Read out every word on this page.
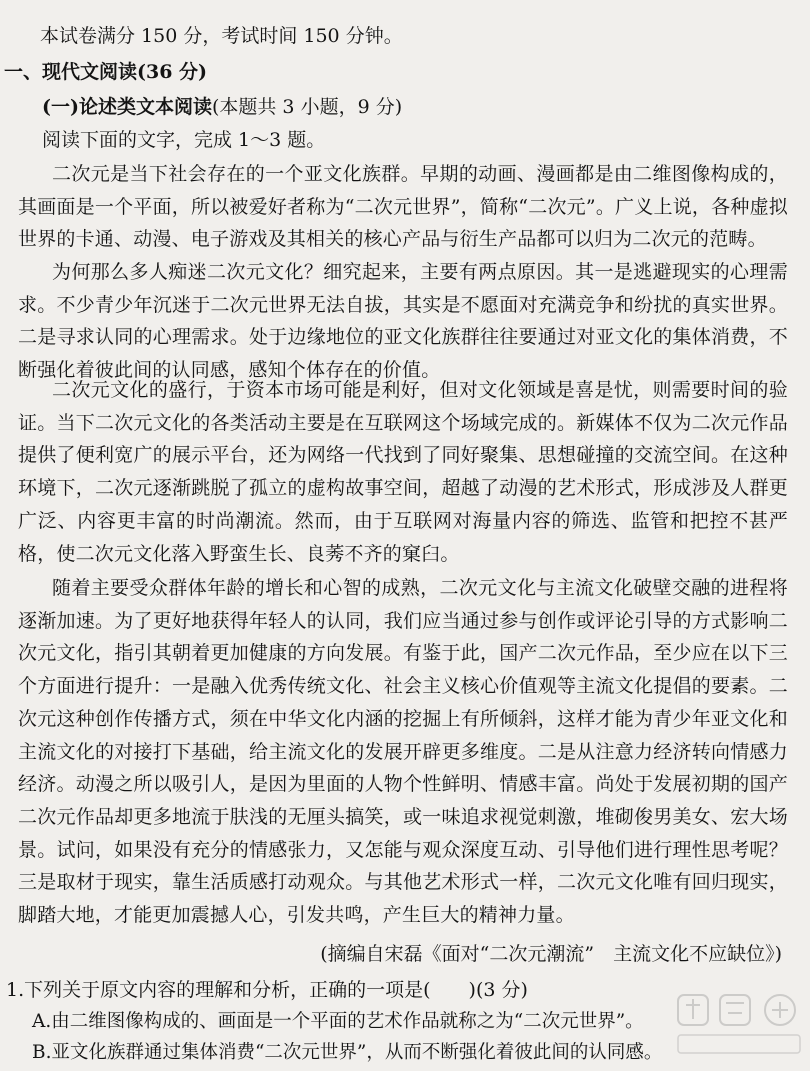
本试卷满分 150 分，考试时间 150 分钟。
一、现代文阅读(36 分)
(一)论述类文本阅读(本题共 3 小题，9 分)
阅读下面的文字，完成 1～3 题。
二次元是当下社会存在的一个亚文化族群。早期的动画、漫画都是由二维图像构成的，其画面是一个平面，所以被爱好者称为“二次元世界”，简称“二次元”。广义上说，各种虚拟世界的卡通、动漫、电子游戏及其相关的核心产品与衍生产品都可以归为二次元的范畴。
为何那么多人痴迷二次元文化？细究起来，主要有两点原因。其一是逃避现实的心理需求。不少青少年沉迷于二次元世界无法自拔，其实是不愿面对充满竞争和纷扰的真实世界。二是寻求认同的心理需求。处于边缘地位的亚文化族群往往要通过对亚文化的集体消费，不断强化着彼此间的认同感，感知个体存在的价值。
二次元文化的盛行，于资本市场可能是利好，但对文化领域是喜是忧，则需要时间的验证。当下二次元文化的各类活动主要是在互联网这个场域完成的。新媒体不仅为二次元作品提供了便利宽广的展示平台，还为网络一代找到了同好聚集、思想碰撞的交流空间。在这种环境下，二次元逐渐跳脱了孤立的虚构故事空间，超越了动漫的艺术形式，形成涉及人群更广泛、内容更丰富的时尚潮流。然而，由于互联网对海量内容的筛选、监管和把控不甚严格，使二次元文化落入野蛮生长、良莠不齐的窠臼。
随着主要受众群体年龄的增长和心智的成熟，二次元文化与主流文化破壁交融的进程将逐渐加速。为了更好地获得年轻人的认同，我们应当通过参与创作或评论引导的方式影响二次元文化，指引其朝着更加健康的方向发展。有鉴于此，国产二次元作品，至少应在以下三个方面进行提升：一是融入优秀传统文化、社会主义核心价值观等主流文化提倡的要素。二次元这种创作传播方式，须在中华文化内涵的挖掘上有所倾斜，这样才能为青少年亚文化和主流文化的对接打下基础，给主流文化的发展开辟更多维度。二是从注意力经济转向情感力经济。动漫之所以吸引人，是因为里面的人物个性鲜明、情感丰富。尚处于发展初期的国产二次元作品却更多地流于肤浅的无厘头搞笑，或一味追求视觉刺激，堆砌俊男美女、宏大场景。试问，如果没有充分的情感张力，又怎能与观众深度互动、引导他们进行理性思考呢？三是取材于现实，靠生活质感打动观众。与其他艺术形式一样，二次元文化唯有回归现实，脚踏大地，才能更加震撼人心，引发共鸣，产生巨大的精神力量。
(摘编自宋磊《面对“二次元潮流”　主流文化不应缺位》)
1.下列关于原文内容的理解和分析，正确的一项是(　　)(3 分)
A.由二维图像构成的、画面是一个平面的艺术作品就称之为“二次元世界”。
B.亚文化族群通过集体消费“二次元世界”，从而不断强化着彼此间的认同感。
